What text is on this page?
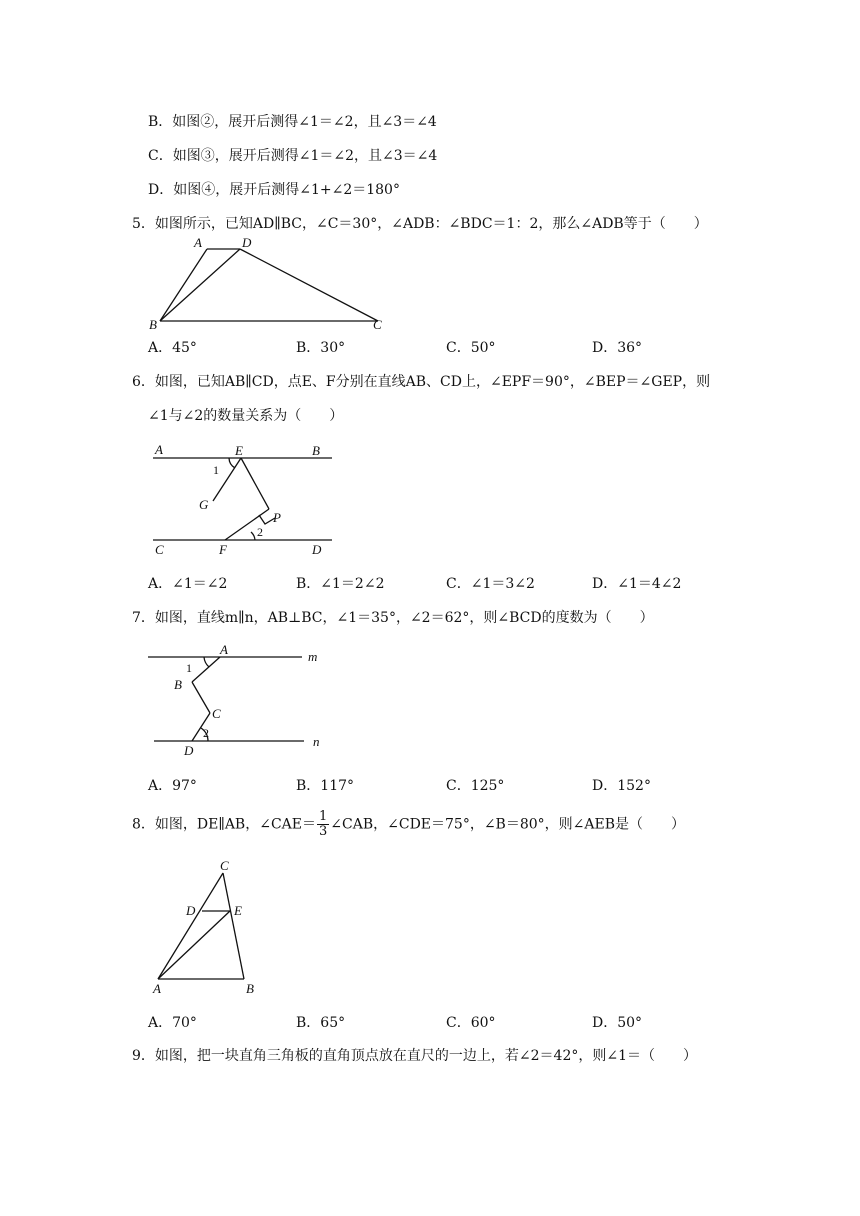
B．如图②，展开后测得∠1＝∠2，且∠3＝∠4
C．如图③，展开后测得∠1＝∠2，且∠3＝∠4
D．如图④，展开后测得∠1+∠2＝180°
5．如图所示，已知AD∥BC，∠C＝30°，∠ADB：∠BDC＝1：2，那么∠ADB等于（　　）
A	D
B	C
A．45°	B．30°	C．50°	D．36°
6．如图，已知AB∥CD，点E、F分别在直线AB、CD上，∠EPF＝90°，∠BEP＝∠GEP，则
∠1与∠2的数量关系为（　　）
A	E	B
1
G
P
2
C	F	D
A．∠1＝∠2	B．∠1＝2∠2	C．∠1＝3∠2	D．∠1＝4∠2
7．如图，直线m∥n，AB⊥BC，∠1＝35°，∠2＝62°，则∠BCD的度数为（　　）
A	m
1
B
C
2
D
n
A．97°	B．117°	C．125°	D．152°
8．如图，DE∥AB，∠CAE＝ $\frac{1}{3}$ ∠CAB，∠CDE＝75°，∠B＝80°，则∠AEB是（　　）
C
D	E
A	B
A．70°	B．65°	C．60°	D．50°
9．如图，把一块直角三角板的直角顶点放在直尺的一边上，若∠2＝42°，则∠1＝（　　）
